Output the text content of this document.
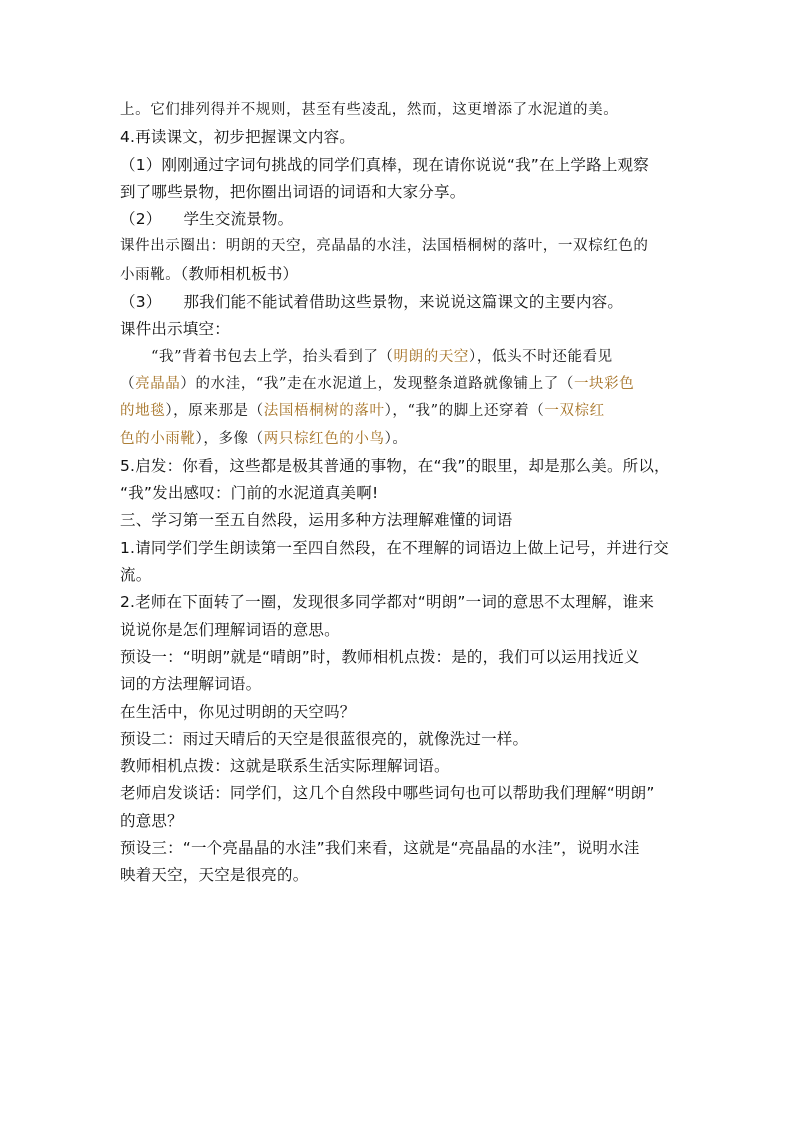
上。它们排列得并不规则，甚至有些凌乱，然而，这更增添了水泥道的美。
4.再读课文，初步把握课文内容。
（1）刚刚通过字词句挑战的同学们真棒，现在请你说说“我”在上学路上观察
到了哪些景物，把你圈出词语的词语和大家分享。
（2） 学生交流景物。
课件出示圈出：明朗的天空，亮晶晶的水洼，法国梧桐树的落叶，一双棕红色的
小雨靴。（教师相机板书）
（3） 那我们能不能试着借助这些景物，来说说这篇课文的主要内容。
课件出示填空：
“我”背着书包去上学，抬头看到了（明朗的天空），低头不时还能看见
（亮晶晶）的水洼，“我”走在水泥道上，发现整条道路就像铺上了（一块彩色
的地毯），原来那是（法国梧桐树的落叶），“我”的脚上还穿着（一双棕红
色的小雨靴），多像（两只棕红色的小鸟）。
5.启发：你看，这些都是极其普通的事物，在“我”的眼里，却是那么美。所以，
“我”发出感叹：门前的水泥道真美啊!
三、学习第一至五自然段，运用多种方法理解难懂的词语
1.请同学们学生朗读第一至四自然段，在不理解的词语边上做上记号，并进行交
流。
2.老师在下面转了一圈，发现很多同学都对“明朗”一词的意思不太理解，谁来
说说你是怎们理解词语的意思。
预设一：“明朗”就是“晴朗”时，教师相机点拨：是的，我们可以运用找近义
词的方法理解词语。
在生活中，你见过明朗的天空吗？
预设二：雨过天晴后的天空是很蓝很亮的，就像洗过一样。
教师相机点拨：这就是联系生活实际理解词语。
老师启发谈话：同学们，这几个自然段中哪些词句也可以帮助我们理解“明朗”
的意思？
预设三：“一个亮晶晶的水洼”我们来看，这就是“亮晶晶的水洼”，说明水洼
映着天空，天空是很亮的。
